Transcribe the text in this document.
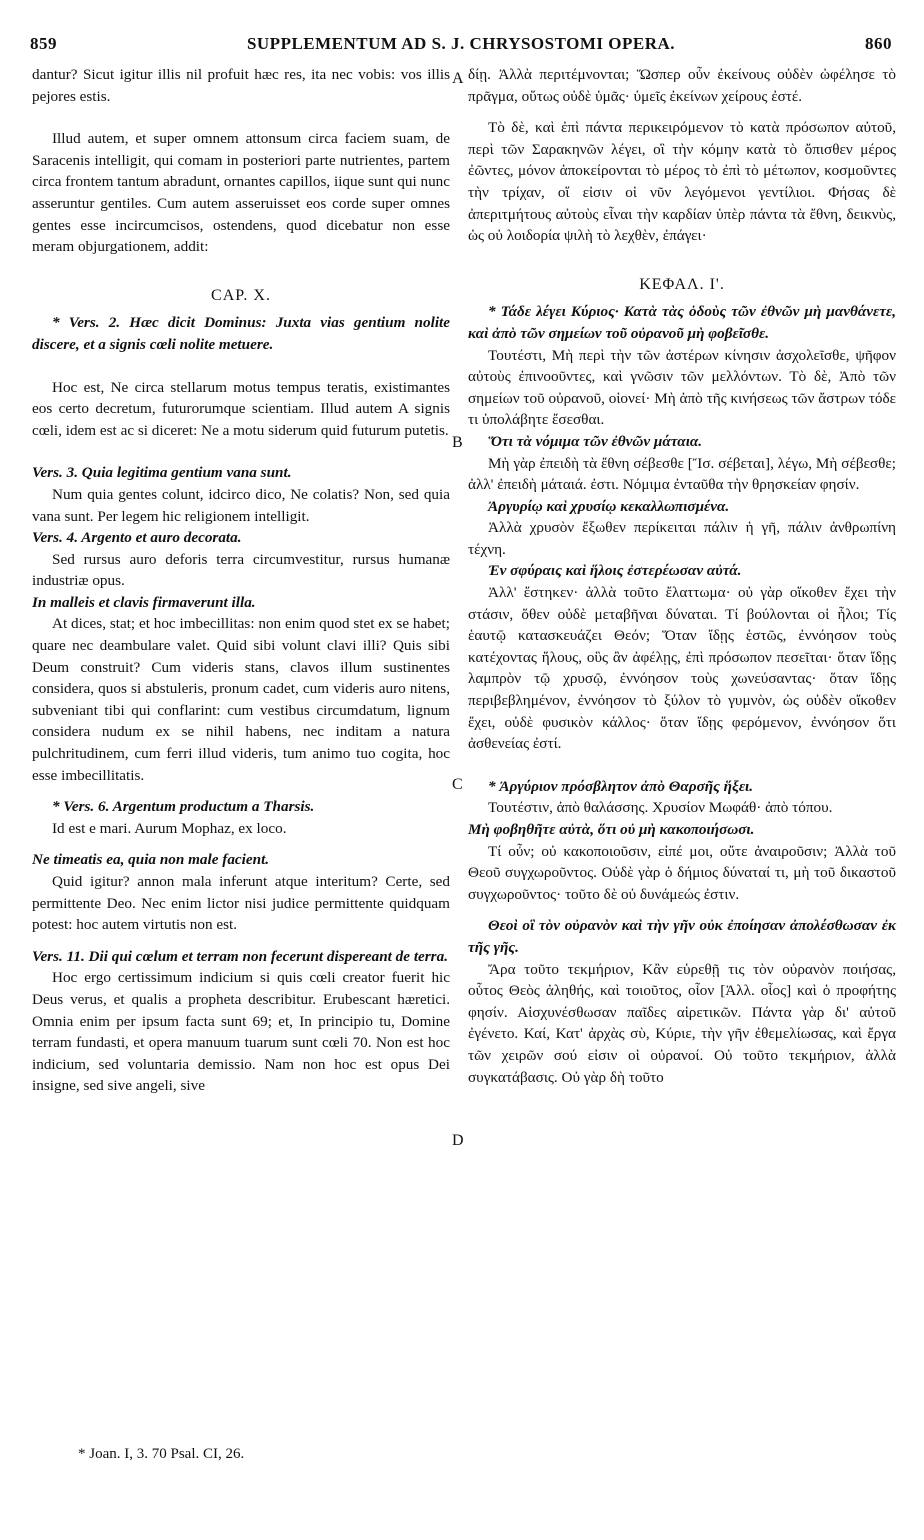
859	SUPPLEMENTUM AD S. J. CHRYSOSTOMI OPERA.	860
A
B
C
D

dantur? Sicut igitur illis nil profuit hæc res, ita nec vobis: vos illis pejores estis.

Illud autem, et super omnem attonsum circa faciem suam, de Saracenis intelligit, qui comam in posteriori parte nutrientes, partem circa frontem tantum abradunt, ornantes capillos, iique sunt qui nunc asseruntur gentiles. Cum autem asseruisset eos corde super omnes gentes esse incircumcisos, ostendens, quod dicebatur non esse meram objurgationem, addit:

CAP. X.

* Vers. 2. Hæc dicit Dominus: Juxta vias gentium nolite discere, et a signis cœli nolite metuere.

Hoc est, Ne circa stellarum motus tempus teratis, existimantes eos certo decretum, futurorumque scientiam. Illud autem A signis cœli, idem est ac si diceret: Ne a motu siderum quid futurum putetis.

Vers. 3. Quia legitima gentium vana sunt.

Num quia gentes colunt, idcirco dico, Ne colatis? Non, sed quia vana sunt. Per legem hic religionem intelligit.

Vers. 4. Argento et auro decorata.

Sed rursus auro deforis terra circumvestitur, rursus humanæ industriæ opus.

In malleis et clavis firmaverunt illa.

At dices, stat; et hoc imbecillitas: non enim quod stet ex se habet; quare nec deambulare valet. Quid sibi volunt clavi illi? Quis sibi Deum construit? Cum videris stans, clavos illum sustinentes considera, quos si abstuleris, pronum cadet, cum videris auro nitens, subveniant tibi qui conflarint: cum vestibus circumdatum, lignum considera nudum ex se nihil habens, nec inditam a natura pulchritudinem, cum ferri illud videris, tum animo tuo cogita, hoc esse imbecillitatis.

* Vers. 6. Argentum productum a Tharsis.

Id est e mari. Aurum Mophaz, ex loco.

Ne timeatis ea, quia non male facient.

Quid igitur? annon mala inferunt atque interitum? Certe, sed permittente Deo. Nec enim lictor nisi judice permittente quidquam potest: hoc autem virtutis non est.

Vers. 11. Dii qui cœlum et terram non fecerunt dispereant de terra.

Hoc ergo certissimum indicium si quis cœli creator fuerit hic Deus verus, et qualis a propheta describitur. Erubescant hæretici. Omnia enim per ipsum facta sunt 69; et, In principio tu, Domine terram fundasti, et opera manuum tuarum sunt cœli 70. Non est hoc indicium, sed voluntaria demissio. Nam non hoc est opus Dei insigne, sed sive angeli, sive

δίῃ. Ἀλλὰ περιτέμνονται; Ὥσπερ οὖν ἐκείνους οὐδὲν ὠφέλησε τὸ πρᾶγμα, οὕτως οὐδὲ ὑμᾶς· ὑμεῖς ἐκείνων χείρους ἐστέ.

Τὸ δὲ, καὶ ἐπὶ πάντα περικειρόμενον τὸ κατὰ πρόσωπον αὐτοῦ, περὶ τῶν Σαρακηνῶν λέγει, οἳ τὴν κόμην κατὰ τὸ ὄπισθεν μέρος ἐῶντες, μόνον ἀποκείρονται τὸ μέρος τὸ ἐπὶ τὸ μέτωπον, κοσμοῦντες τὴν τρίχαν, οἵ εἰσιν οἱ νῦν λεγόμενοι γεντίλιοι. Φήσας δὲ ἀπεριτμήτους αὐτοὺς εἶναι τὴν καρδίαν ὑπὲρ πάντα τὰ ἔθνη, δεικνὺς, ὡς οὐ λοιδορία ψιλὴ τὸ λεχθὲν, ἐπάγει·

ΚΕΦΑΛ. Ι'.

* Τάδε λέγει Κύριος· Κατὰ τὰς ὁδοὺς τῶν ἐθνῶν μὴ μανθάνετε, καὶ ἀπὸ τῶν σημείων τοῦ οὐρανοῦ μὴ φοβεῖσθε.

Τουτέστι, Μὴ περὶ τὴν τῶν ἀστέρων κίνησιν ἀσχολεῖσθε, ψῆφον αὐτοὺς ἐπινοοῦντες, καὶ γνῶσιν τῶν μελλόντων. Τὸ δὲ, Ἀπὸ τῶν σημείων τοῦ οὐρανοῦ, οἱονεί· Μὴ ἀπὸ τῆς κινήσεως τῶν ἄστρων τόδε τι ὑπολάβητε ἔσεσθαι.

Ὅτι τὰ νόμιμα τῶν ἐθνῶν μάταια.

Μὴ γὰρ ἐπειδὴ τὰ ἔθνη σέβεσθε [Ἴσ. σέβεται], λέγω, Μὴ σέβεσθε; ἀλλ' ἐπειδὴ μάταιά. ἐστι. Νόμιμα ἐνταῦθα τὴν θρησκείαν φησίν.

Ἀργυρίῳ καὶ χρυσίῳ κεκαλλωπισμένα.

Ἀλλὰ χρυσὸν ἔξωθεν περίκειται πάλιν ἡ γῆ, πάλιν ἀνθρωπίνη τέχνη.

Ἐν σφύραις καὶ ἥλοις ἐστερέωσαν αὐτά.

Ἀλλ' ἔστηκεν· ἀλλὰ τοῦτο ἔλαττωμα· οὐ γὰρ οἴκοθεν ἔχει τὴν στάσιν, ὅθεν οὐδὲ μεταβῆναι δύναται. Τί βούλονται οἱ ἧλοι; Τίς ἑαυτῷ κατασκευάζει Θεόν; Ὅταν ἴδῃς ἑστῶς, ἐννόησον τοὺς κατέχοντας ἥλους, οὓς ἂν ἀφέλῃς, ἐπὶ πρόσωπον πεσεῖται· ὅταν ἴδῃς λαμπρὸν τῷ χρυσῷ, ἐννόησον τοὺς χωνεύσαντας· ὅταν ἴδῃς περιβεβλημένον, ἐννόησον τὸ ξύλον τὸ γυμνὸν, ὡς οὐδὲν οἴκοθεν ἔχει, οὐδὲ φυσικὸν κάλλος· ὅταν ἴδῃς φερόμενον, ἐννόησον ὅτι ἀσθενείας ἐστί.

* Ἀργύριον πρόσβλητον ἀπὸ Θαρσῆς ἥξει.

Τουτέστιν, ἀπὸ θαλάσσης. Χρυσίον Μωφάθ· ἀπὸ τόπου.

Μὴ φοβηθῆτε αὐτὰ, ὅτι οὐ μὴ κακοποιήσωσι.

Τί οὖν; οὐ κακοποιοῦσιν, εἰπέ μοι, οὔτε ἀναιροῦσιν; Ἀλλὰ τοῦ Θεοῦ συγχωροῦντος. Οὐδὲ γὰρ ὁ δήμιος δύναταί τι, μὴ τοῦ δικαστοῦ συγχωροῦντος· τοῦτο δὲ οὐ δυνάμεώς ἐστιν.

Θεοὶ οἳ τὸν οὐρανὸν καὶ τὴν γῆν οὐκ ἐποίησαν ἀπολέσθωσαν ἐκ τῆς γῆς.

Ἄρα τοῦτο τεκμήριον, Κἂν εὑρεθῇ τις τὸν οὐρανὸν ποιήσας, οὗτος Θεὸς ἀληθής, καὶ τοιοῦτος, οἷον [Ἀλλ. οἷος] καὶ ὁ προφήτης φησίν. Αἰσχυνέσθωσαν παῖδες αἱρετικῶν. Πάντα γὰρ δι' αὐτοῦ ἐγένετο. Καί, Κατ' ἀρχὰς σὺ, Κύριε, τὴν γῆν ἐθεμελίωσας, καὶ ἔργα τῶν χειρῶν σού εἰσιν οἱ οὐρανοί. Οὐ τοῦτο τεκμήριον, ἀλλὰ συγκατάβασις. Οὐ γὰρ δὴ τοῦτο

* Joan. I, 3. 70 Psal. CI, 26.
